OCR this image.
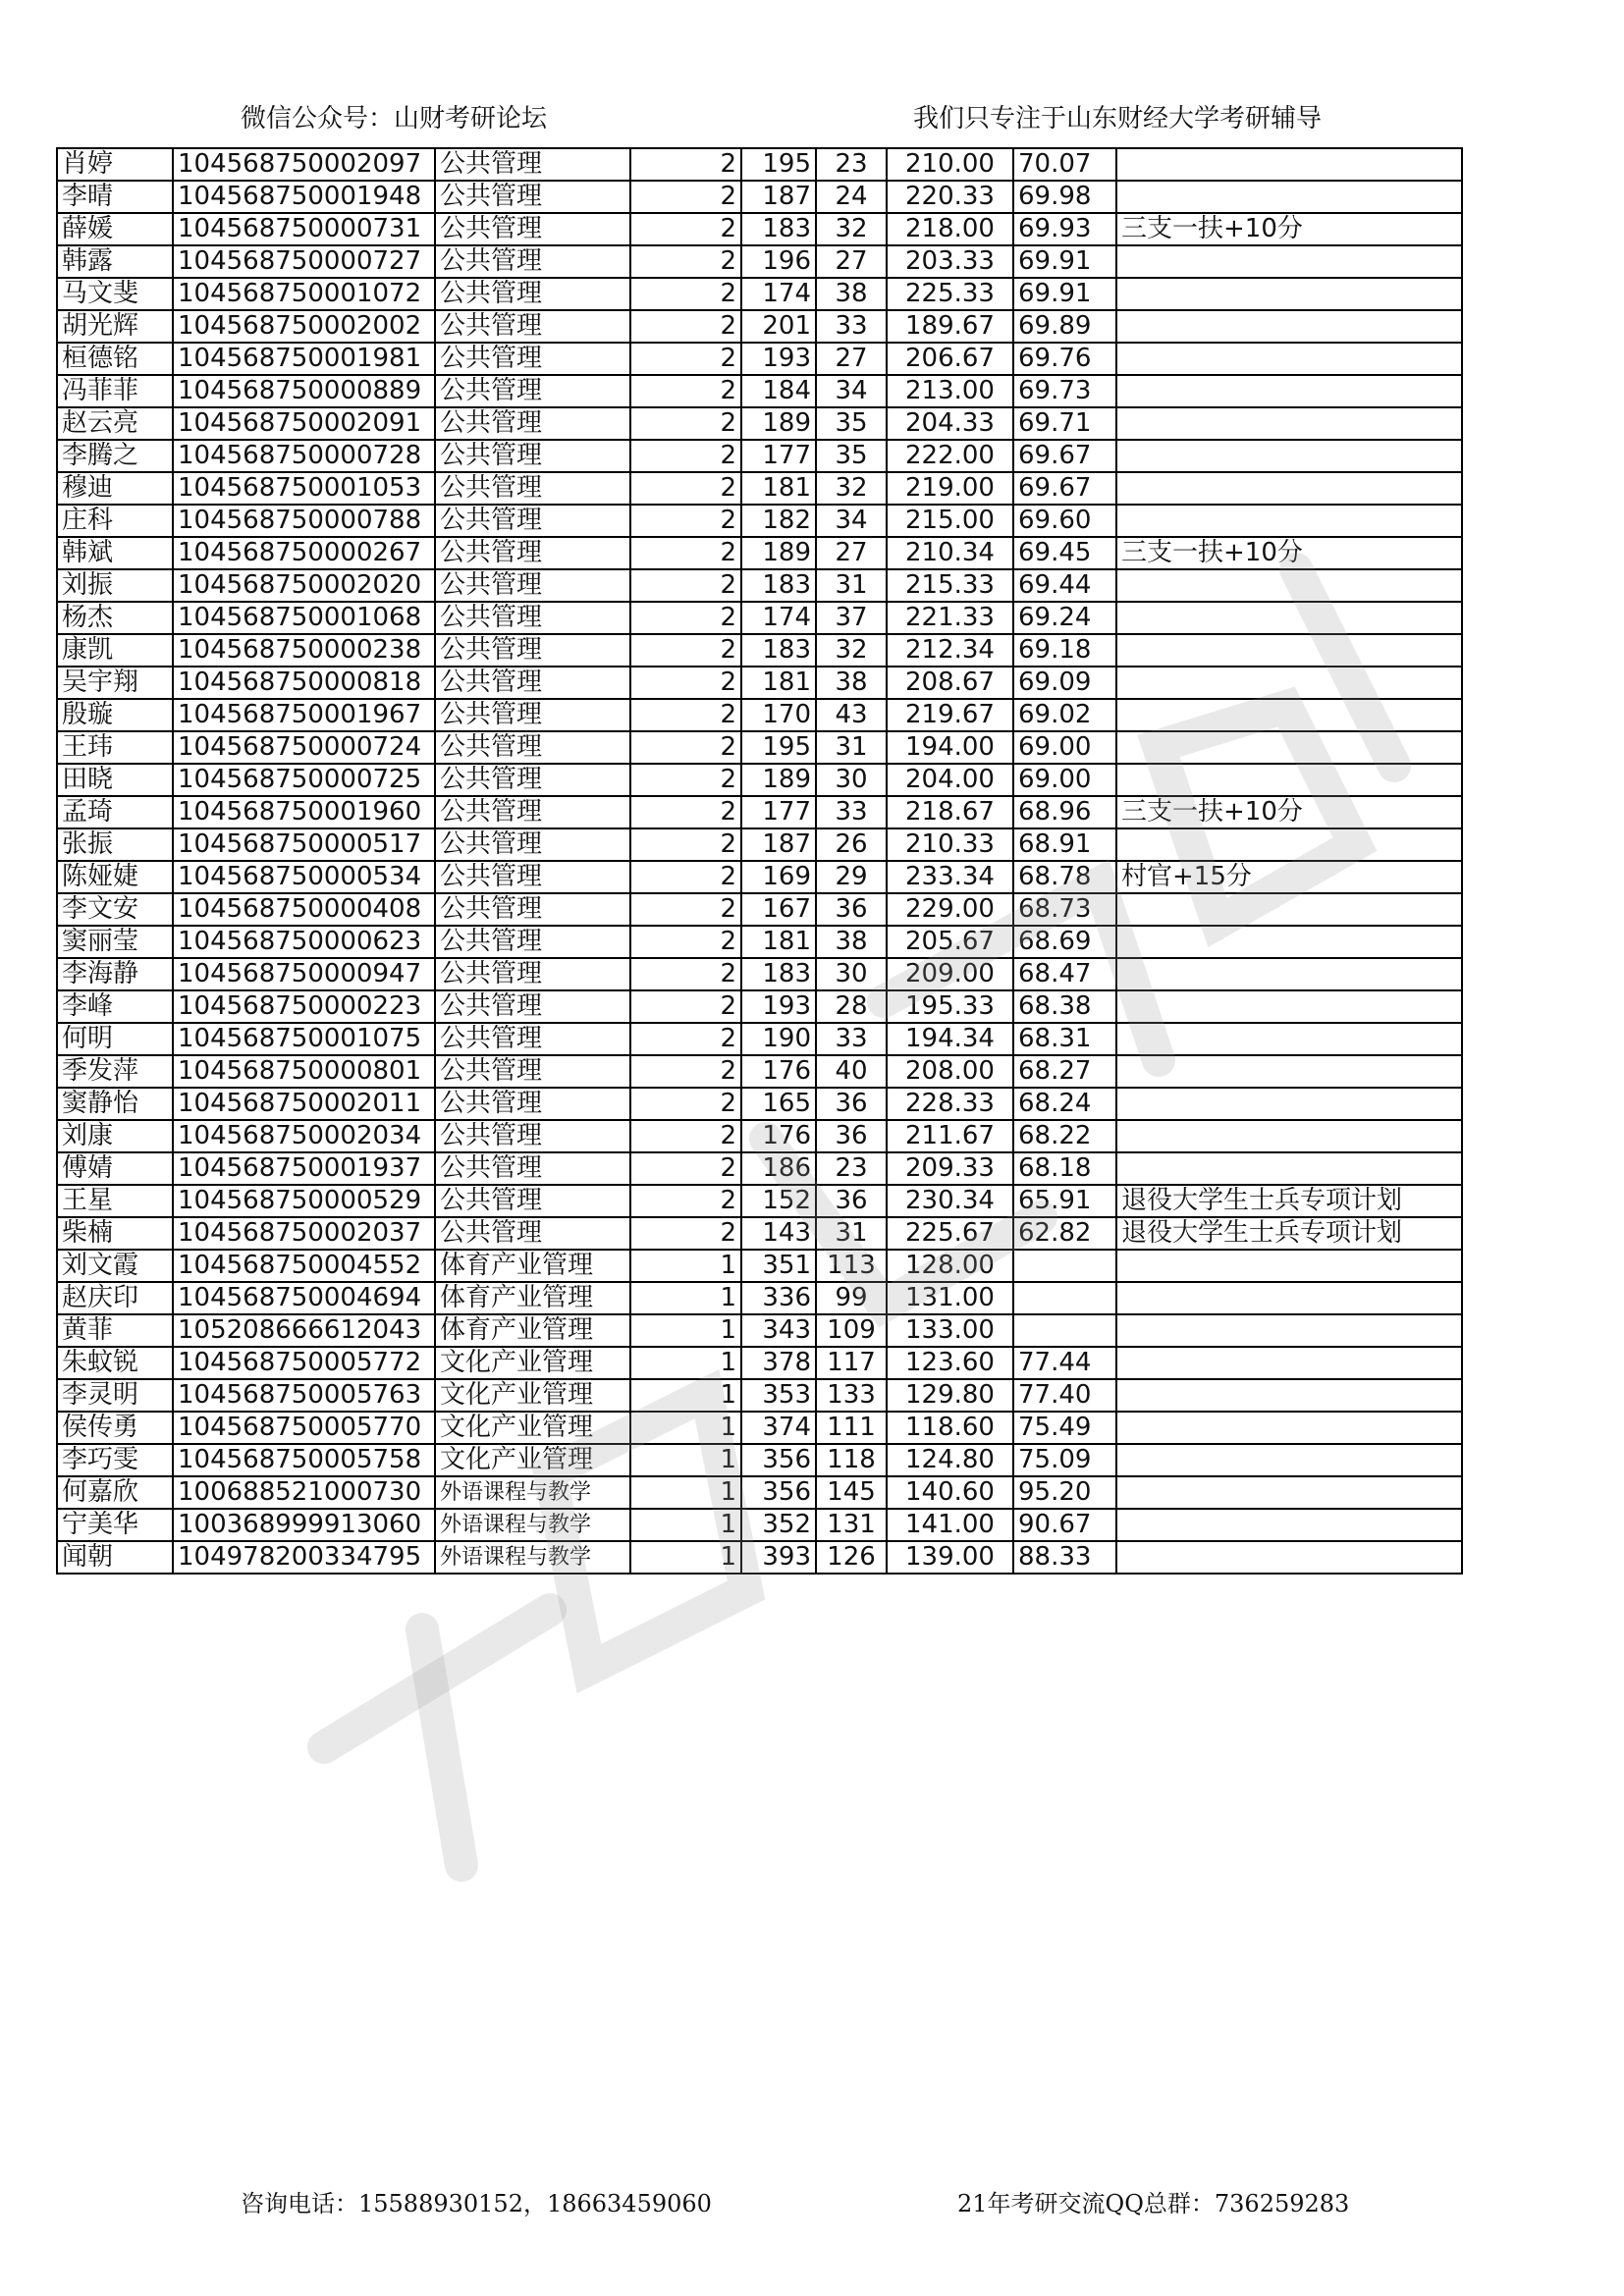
微信公众号：山财考研论坛	我们只专注于山东财经大学考研辅导
肖婷	104568750002097	公共管理	2	195	23	210.00	70.07	
李晴	104568750001948	公共管理	2	187	24	220.33	69.98	
薛媛	104568750000731	公共管理	2	183	32	218.00	69.93	三支一扶+10分
韩露	104568750000727	公共管理	2	196	27	203.33	69.91	
马文斐	104568750001072	公共管理	2	174	38	225.33	69.91	
胡光辉	104568750002002	公共管理	2	201	33	189.67	69.89	
桓德铭	104568750001981	公共管理	2	193	27	206.67	69.76	
冯菲菲	104568750000889	公共管理	2	184	34	213.00	69.73	
赵云亮	104568750002091	公共管理	2	189	35	204.33	69.71	
李腾之	104568750000728	公共管理	2	177	35	222.00	69.67	
穆迪	104568750001053	公共管理	2	181	32	219.00	69.67	
庄科	104568750000788	公共管理	2	182	34	215.00	69.60	
韩斌	104568750000267	公共管理	2	189	27	210.34	69.45	三支一扶+10分
刘振	104568750002020	公共管理	2	183	31	215.33	69.44	
杨杰	104568750001068	公共管理	2	174	37	221.33	69.24	
康凯	104568750000238	公共管理	2	183	32	212.34	69.18	
吴宇翔	104568750000818	公共管理	2	181	38	208.67	69.09	
殷璇	104568750001967	公共管理	2	170	43	219.67	69.02	
王玮	104568750000724	公共管理	2	195	31	194.00	69.00	
田晓	104568750000725	公共管理	2	189	30	204.00	69.00	
孟琦	104568750001960	公共管理	2	177	33	218.67	68.96	三支一扶+10分
张振	104568750000517	公共管理	2	187	26	210.33	68.91	
陈娅婕	104568750000534	公共管理	2	169	29	233.34	68.78	村官+15分
李文安	104568750000408	公共管理	2	167	36	229.00	68.73	
窦丽莹	104568750000623	公共管理	2	181	38	205.67	68.69	
李海静	104568750000947	公共管理	2	183	30	209.00	68.47	
李峰	104568750000223	公共管理	2	193	28	195.33	68.38	
何明	104568750001075	公共管理	2	190	33	194.34	68.31	
季发萍	104568750000801	公共管理	2	176	40	208.00	68.27	
窦静怡	104568750002011	公共管理	2	165	36	228.33	68.24	
刘康	104568750002034	公共管理	2	176	36	211.67	68.22	
傅婧	104568750001937	公共管理	2	186	23	209.33	68.18	
王星	104568750000529	公共管理	2	152	36	230.34	65.91	退役大学生士兵专项计划
柴楠	104568750002037	公共管理	2	143	31	225.67	62.82	退役大学生士兵专项计划
刘文霞	104568750004552	体育产业管理	1	351	113	128.00		
赵庆印	104568750004694	体育产业管理	1	336	99	131.00		
黄菲	105208666612043	体育产业管理	1	343	109	133.00		
朱蚊锐	104568750005772	文化产业管理	1	378	117	123.60	77.44	
李灵明	104568750005763	文化产业管理	1	353	133	129.80	77.40	
侯传勇	104568750005770	文化产业管理	1	374	111	118.60	75.49	
李巧雯	104568750005758	文化产业管理	1	356	118	124.80	75.09	
何嘉欣	100688521000730	外语课程与教学	1	356	145	140.60	95.20	
宁美华	100368999913060	外语课程与教学	1	352	131	141.00	90.67	
闻朝	104978200334795	外语课程与教学	1	393	126	139.00	88.33	
咨询电话：15588930152，18663459060	21年考研交流QQ总群：736259283
